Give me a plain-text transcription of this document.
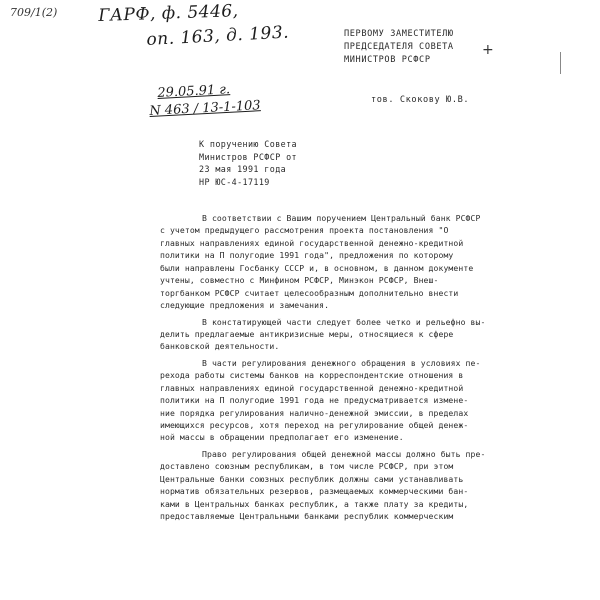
709/1(2) ГАРФ, ф. 5446,
оп. 163, д. 193.
29.05.91 г.
N 463 / 13-1-103
+
ПЕРВОМУ ЗАМЕСТИТЕЛЮ
ПРЕДСЕДАТЕЛЯ СОВЕТА
МИНИСТРОВ РСФСР
тов. Скокову Ю.В.
К поручению Совета
Министров РСФСР от
23 мая 1991 года
НР ЮС-4-17119
В соответствии с Вашим поручением Центральный банк РСФСР
с учетом предыдущего рассмотрения проекта постановления "О
главных направлениях единой государственной денежно-кредитной
политики на П полугодие 1991 года", предложения по которому
были направлены Госбанку СССР и, в основном, в данном документе
учтены, совместно с Минфином РСФСР, Минэкон РСФСР, Внеш-
торгбанком РСФСР считает целесообразным дополнительно внести
следующие предложения и замечания.
В констатирующей части следует более четко и рельефно вы-
делить предлагаемые антикризисные меры, относящиеся к сфере
банковской деятельности.
В части регулирования денежного обращения в условиях пе-
рехода работы системы банков на корреспондентские отношения в
главных направлениях единой государственной денежно-кредитной
политики на П полугодие 1991 года не предусматривается измене-
ние порядка регулирования налично-денежной эмиссии, в пределах
имеющихся ресурсов, хотя переход на регулирование общей денеж-
ной массы в обращении предполагает его изменение.
Право регулирования общей денежной массы должно быть пре-
доставлено союзным республикам, в том числе РСФСР, при этом
Центральные банки союзных республик должны сами устанавливать
норматив обязательных резервов, размещаемых коммерческими бан-
ками в Центральных банках республик, а также плату за кредиты,
предоставляемые Центральными банками республик коммерческим
